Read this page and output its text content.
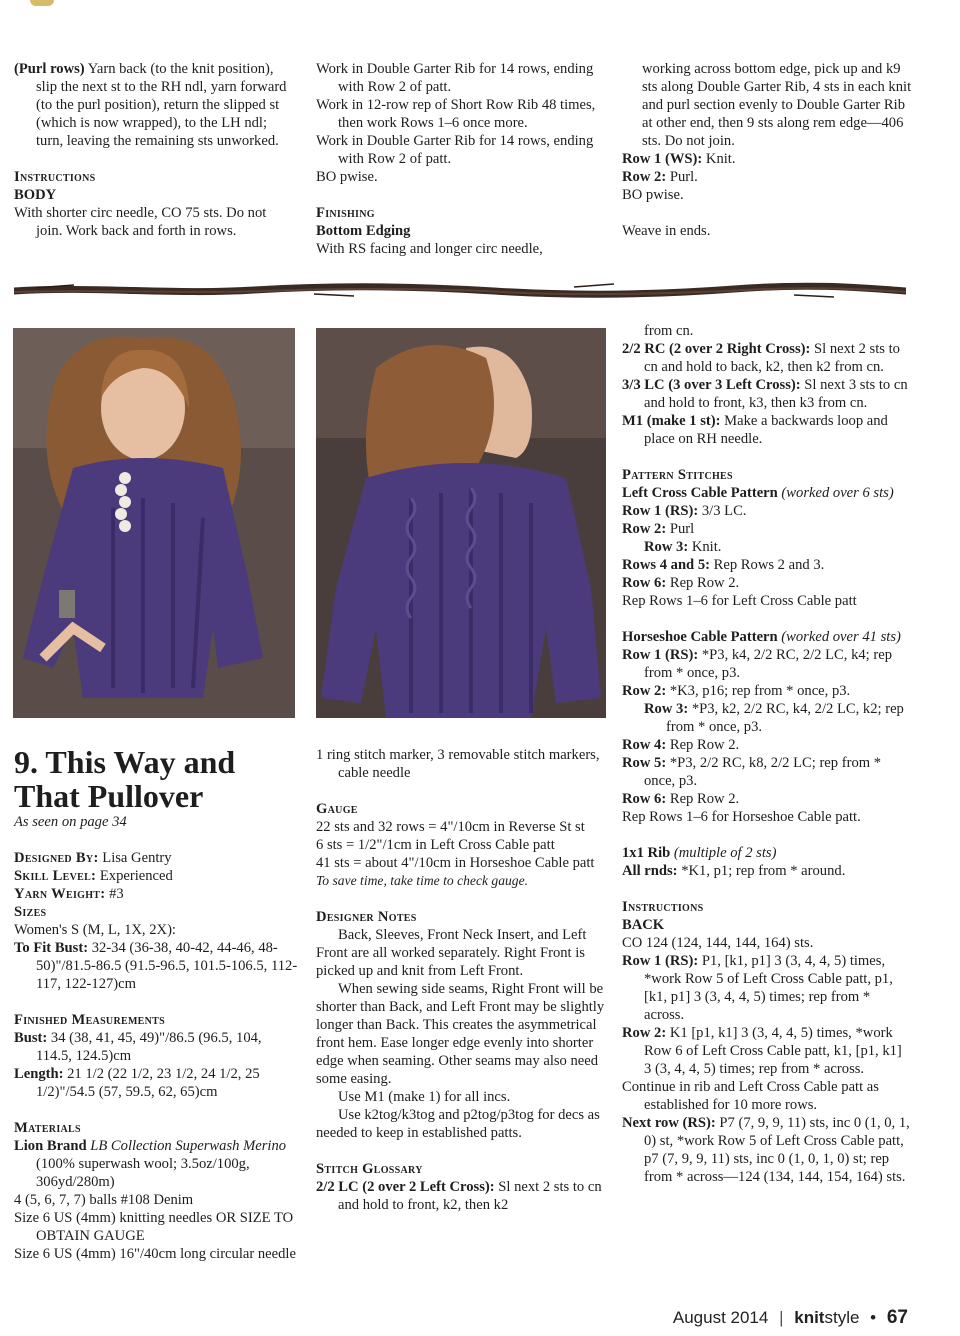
(Purl rows) Yarn back (to the knit position), slip the next st to the RH ndl, yarn forward (to the purl position), return the slipped st (which is now wrapped), to the LH ndl; turn, leaving the remaining sts unworked.

Instructions

BODY

With shorter circ needle, CO 75 sts. Do not join. Work back and forth in rows.

Work in Double Garter Rib for 14 rows, ending with Row 2 of patt.

Work in 12-row rep of Short Row Rib 48 times, then work Rows 1–6 once more.

Work in Double Garter Rib for 14 rows, ending with Row 2 of patt.

BO pwise.

Finishing

Bottom Edging

With RS facing and longer circ needle,

working across bottom edge, pick up and k9 sts along Double Garter Rib, 4 sts in each knit and purl section evenly to Double Garter Rib at other end, then 9 sts along rem edge—406 sts. Do not join.

Row 1 (WS): Knit.

Row 2: Purl.

BO pwise.

Weave in ends.

9. This Way and That Pullover

As seen on page 34

Designed By: Lisa Gentry

Skill Level: Experienced

Yarn Weight: #3

Sizes

Women's S (M, L, 1X, 2X):

To Fit Bust: 32-34 (36-38, 40-42, 44-46, 48-50)"/81.5-86.5 (91.5-96.5, 101.5-106.5, 112-117, 122-127)cm

Finished Measurements

Bust: 34 (38, 41, 45, 49)"/86.5 (96.5, 104, 114.5, 124.5)cm

Length: 21 1/2 (22 1/2, 23 1/2, 24 1/2, 25 1/2)"/54.5 (57, 59.5, 62, 65)cm

Materials

Lion Brand LB Collection Superwash Merino (100% superwash wool; 3.5oz/100g, 306yd/280m)

4 (5, 6, 7, 7) balls #108 Denim

Size 6 US (4mm) knitting needles OR SIZE TO OBTAIN GAUGE

Size 6 US (4mm) 16"/40cm long circular needle

1 ring stitch marker, 3 removable stitch markers, cable needle

Gauge

22 sts and 32 rows = 4"/10cm in Reverse St st

6 sts = 1/2"/1cm in Left Cross Cable patt

41 sts = about 4"/10cm in Horseshoe Cable patt

To save time, take time to check gauge.

Designer Notes

Back, Sleeves, Front Neck Insert, and Left Front are all worked separately. Right Front is picked up and knit from Left Front.

When sewing side seams, Right Front will be shorter than Back, and Left Front may be slightly longer than Back. This creates the asymmetrical front hem. Ease longer edge evenly into shorter edge when seaming. Other seams may also need some easing.

Use M1 (make 1) for all incs.

Use k2tog/k3tog and p2tog/p3tog for decs as needed to keep in established patts.

Stitch Glossary

2/2 LC (2 over 2 Left Cross): Sl next 2 sts to cn and hold to front, k2, then k2

from cn.

2/2 RC (2 over 2 Right Cross): Sl next 2 sts to cn and hold to back, k2, then k2 from cn.

3/3 LC (3 over 3 Left Cross): Sl next 3 sts to cn and hold to front, k3, then k3 from cn.

M1 (make 1 st): Make a backwards loop and place on RH needle.

Pattern Stitches

Left Cross Cable Pattern (worked over 6 sts)

Row 1 (RS): 3/3 LC.

Row 2: Purl

Row 3: Knit.

Rows 4 and 5: Rep Rows 2 and 3.

Row 6: Rep Row 2.

Rep Rows 1–6 for Left Cross Cable patt

Horseshoe Cable Pattern (worked over 41 sts)

Row 1 (RS): *P3, k4, 2/2 RC, 2/2 LC, k4; rep from * once, p3.

Row 2: *K3, p16; rep from * once, p3.

Row 3: *P3, k2, 2/2 RC, k4, 2/2 LC, k2; rep from * once, p3.

Row 4: Rep Row 2.

Row 5: *P3, 2/2 RC, k8, 2/2 LC; rep from * once, p3.

Row 6: Rep Row 2.

Rep Rows 1–6 for Horseshoe Cable patt.

1x1 Rib (multiple of 2 sts)

All rnds: *K1, p1; rep from * around.

Instructions

BACK

CO 124 (124, 144, 144, 164) sts.

Row 1 (RS): P1, [k1, p1] 3 (3, 4, 4, 5) times, *work Row 5 of Left Cross Cable patt, p1, [k1, p1] 3 (3, 4, 4, 5) times; rep from * across.

Row 2: K1 [p1, k1] 3 (3, 4, 4, 5) times, *work Row 6 of Left Cross Cable patt, k1, [p1, k1] 3 (3, 4, 4, 5) times; rep from * across.

Continue in rib and Left Cross Cable patt as established for 10 more rows.

Next row (RS): P7 (7, 9, 9, 11) sts, inc 0 (1, 0, 1, 0) st, *work Row 5 of Left Cross Cable patt, p7 (7, 9, 9, 11) sts, inc 0 (1, 0, 1, 0) st; rep from * across—124 (134, 144, 154, 164) sts.

August 2014 | knitstyle • 67
